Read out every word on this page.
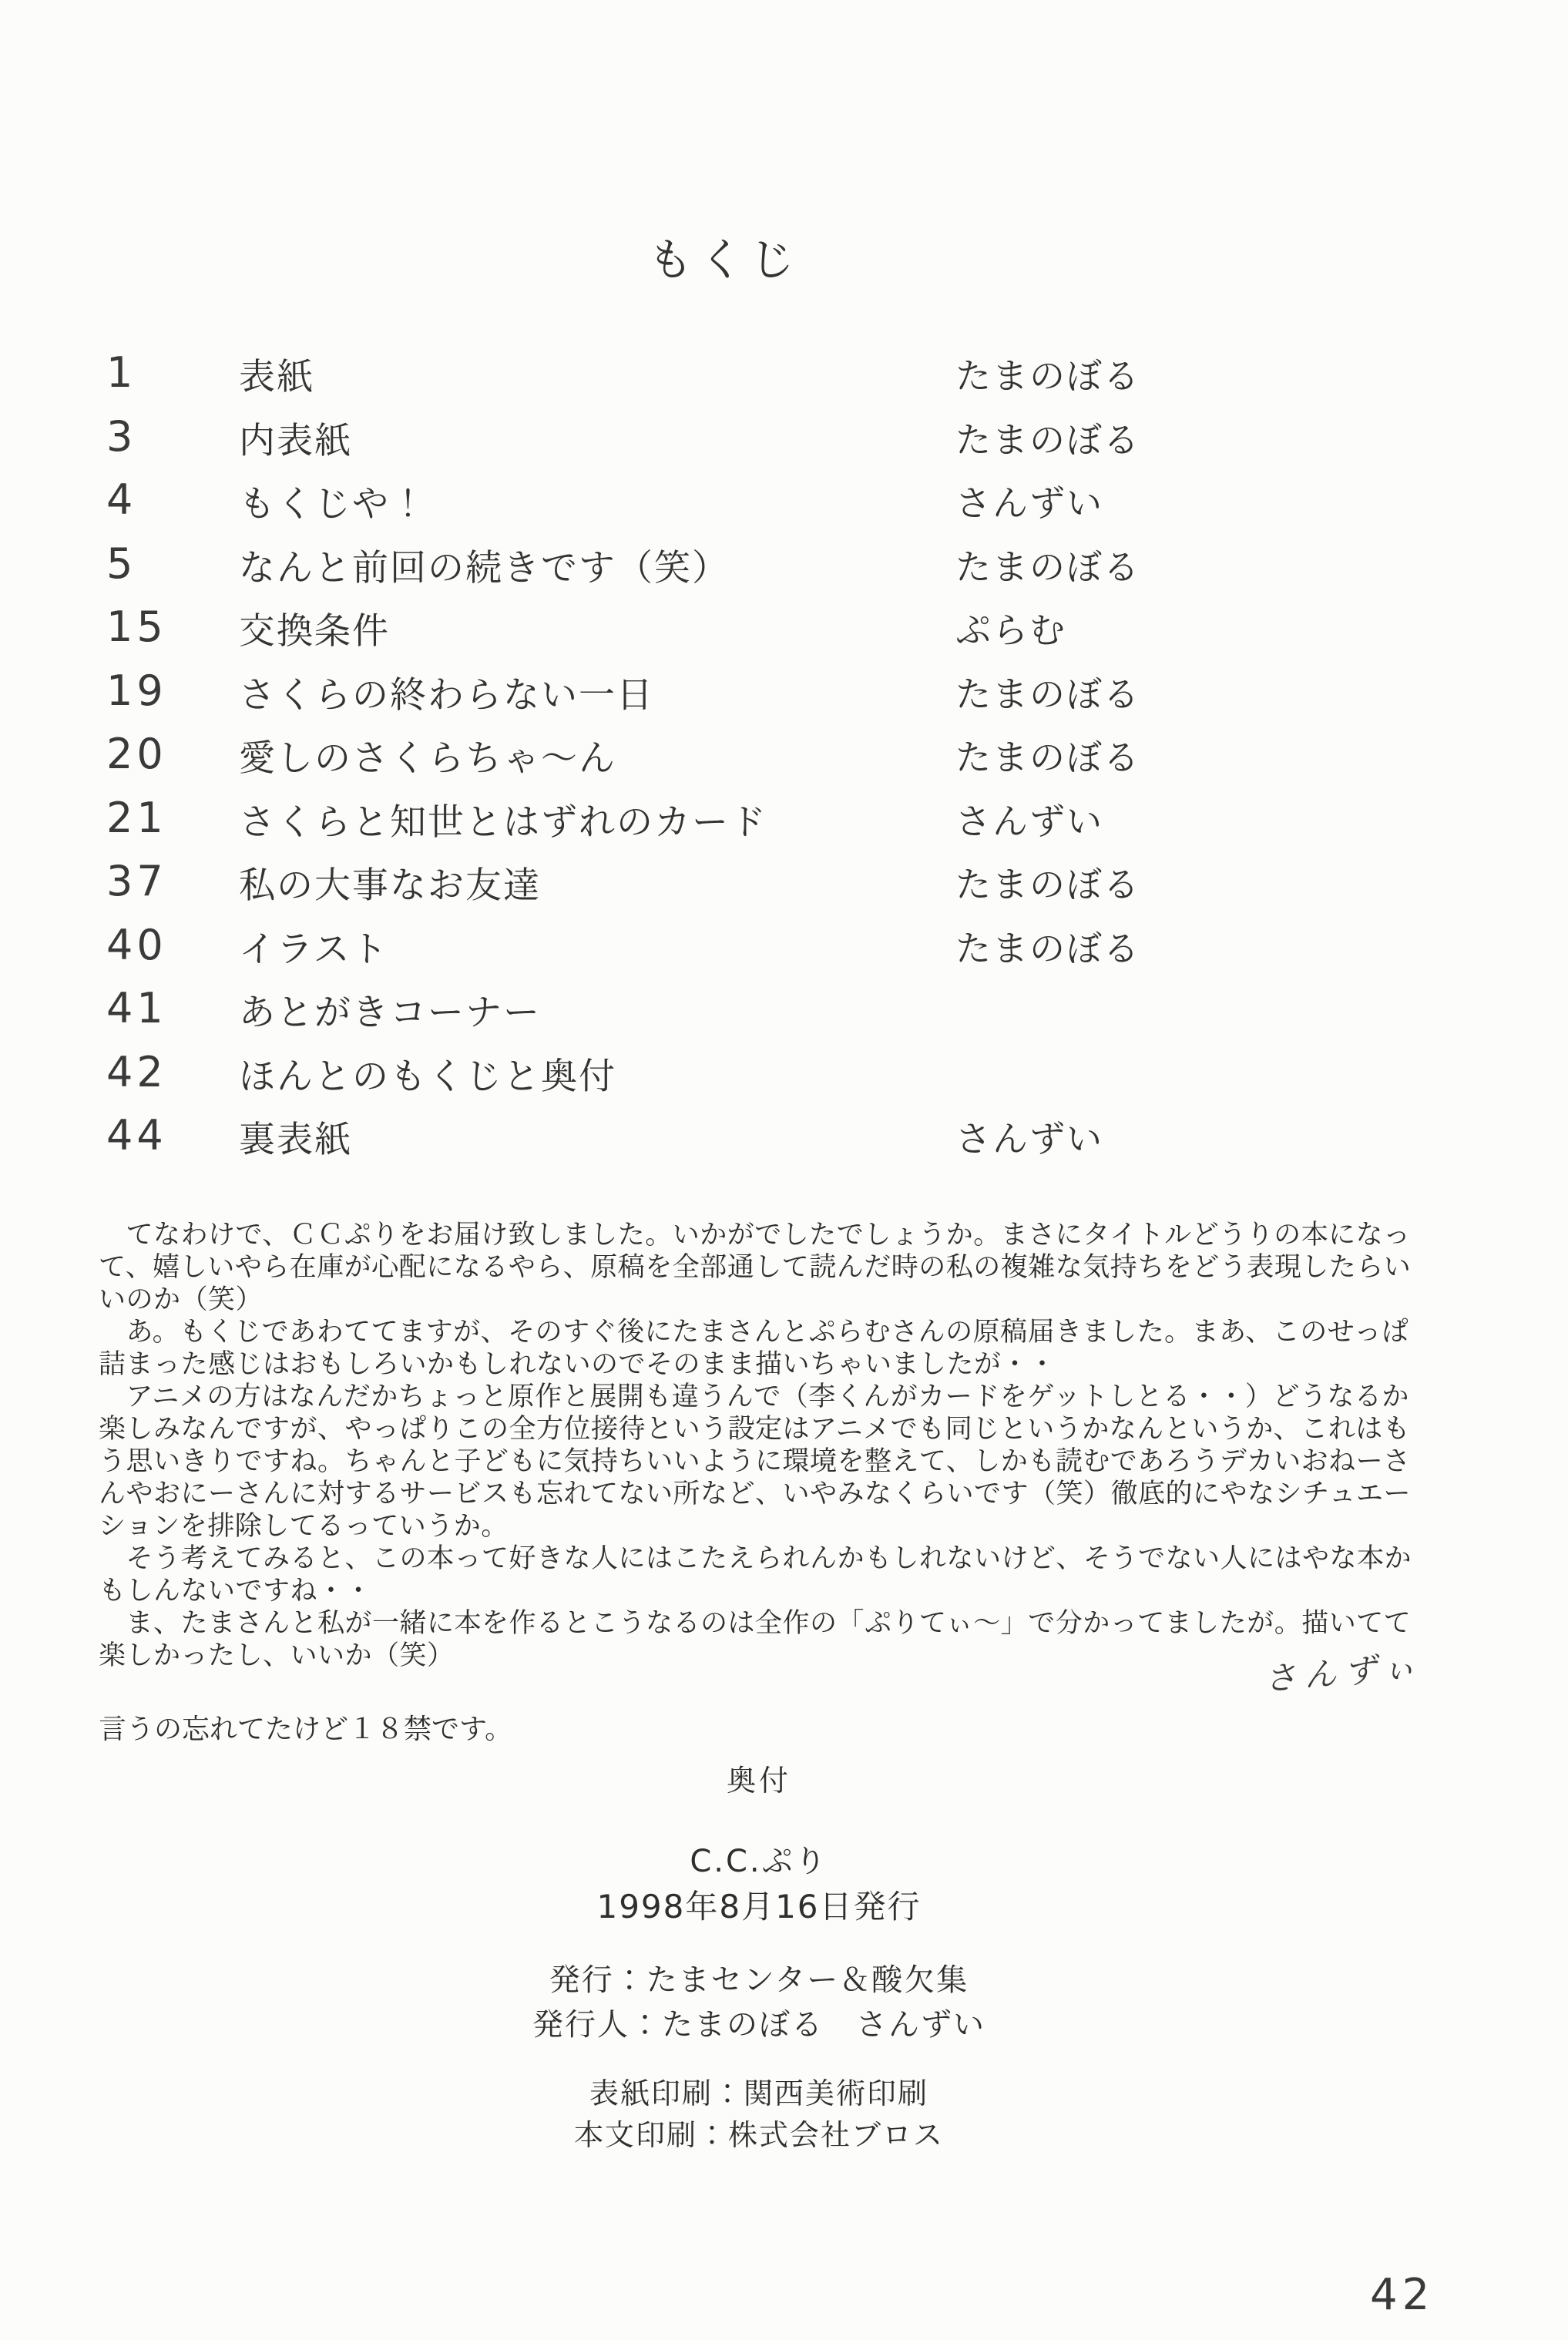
もくじ
1	表紙	たまのぼる
3	内表紙	たまのぼる
4	もくじや！	さんずい
5	なんと前回の続きです（笑）	たまのぼる
15	交換条件	ぷらむ
19	さくらの終わらない一日	たまのぼる
20	愛しのさくらちゃ～ん	たまのぼる
21	さくらと知世とはずれのカード	さんずい
37	私の大事なお友達	たまのぼる
40	イラスト	たまのぼる
41	あとがきコーナー
42	ほんとのもくじと奥付
44	裏表紙	さんずい
　てなわけで、ＣＣぷりをお届け致しました。いかがでしたでしょうか。まさにタイトルどうりの本になっ
て、嬉しいやら在庫が心配になるやら、原稿を全部通して読んだ時の私の複雑な気持ちをどう表現したらい
いのか（笑）
　あ。もくじであわててますが、そのすぐ後にたまさんとぷらむさんの原稿届きました。まあ、このせっぱ
詰まった感じはおもしろいかもしれないのでそのまま描いちゃいましたが・・
　アニメの方はなんだかちょっと原作と展開も違うんで（李くんがカードをゲットしとる・・）どうなるか
楽しみなんですが、やっぱりこの全方位接待という設定はアニメでも同じというかなんというか、これはも
う思いきりですね。ちゃんと子どもに気持ちいいように環境を整えて、しかも読むであろうデカいおねーさ
んやおにーさんに対するサービスも忘れてない所など、いやみなくらいです（笑）徹底的にやなシチュエー
ションを排除してるっていうか。
　そう考えてみると、この本って好きな人にはこたえられんかもしれないけど、そうでない人にはやな本か
もしんないですね・・
　ま、たまさんと私が一緒に本を作るとこうなるのは全作の「ぷりてぃ～」で分かってましたが。描いてて
楽しかったし、いいか（笑）	さんずぃ
言うの忘れてたけど１８禁です。
奥付
C.C.ぷり
1998年8月16日発行
発行：たまセンター＆酸欠集
発行人：たまのぼる　さんずい
表紙印刷：関西美術印刷
本文印刷：株式会社ブロス
42
